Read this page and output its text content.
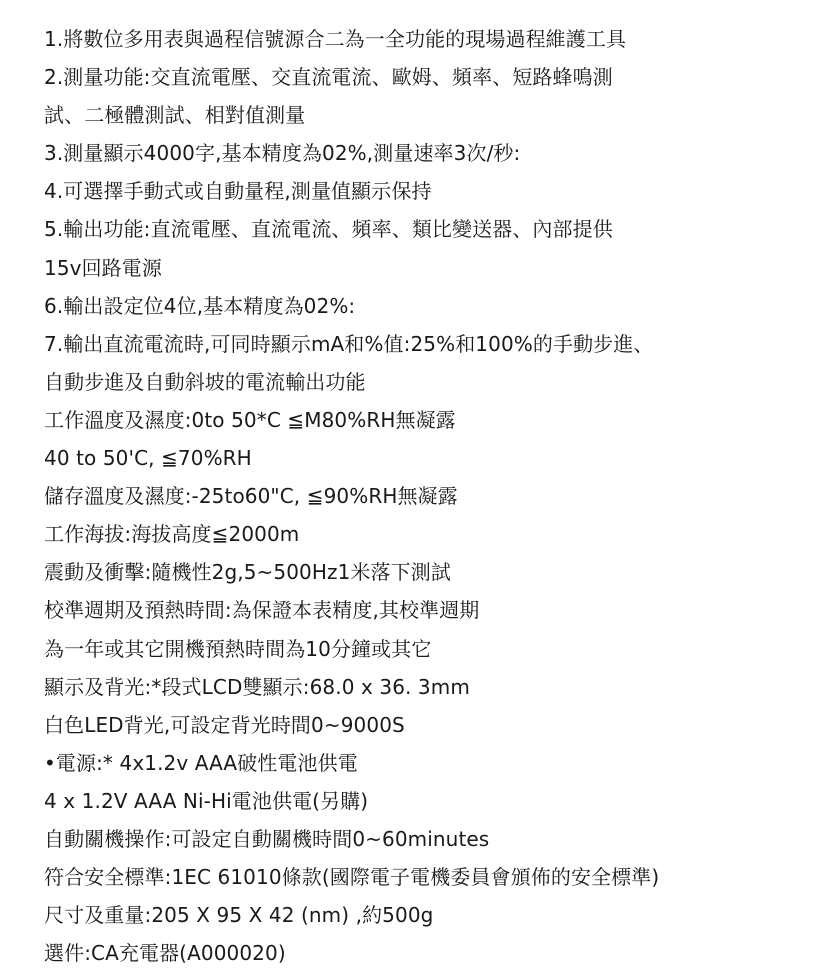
1.將數位多用表與過程信號源合二為一全功能的現場過程維護工具
2.測量功能:交直流電壓、交直流電流、歐姆、頻率、短路蜂鳴測
試、二極體測試、相對值測量
3.測量顯示4000字,基本精度為02%,測量速率3次/秒:
4.可選擇手動式或自動量程,測量值顯示保持
5.輸出功能:直流電壓、直流電流、頻率、類比變送器、內部提供
15v回路電源
6.輸出設定位4位,基本精度為02%:
7.輸出直流電流時,可同時顯示mA和%值:25%和100%的手動步進、
自動步進及自動斜坡的電流輸出功能
工作溫度及濕度:0to 50*C ≦M80%RH無凝露
40 to 50'C, ≦70%RH
儲存溫度及濕度:-25to60"C, ≦90%RH無凝露
工作海拔:海拔高度≦2000m
震動及衝擊:隨機性2g,5~500Hz1米落下測試
校準週期及預熱時間:為保證本表精度,其校準週期
為一年或其它開機預熱時間為10分鐘或其它
顯示及背光:*段式LCD雙顯示:68.0 x 36. 3mm
白色LED背光,可設定背光時間0~9000S
•電源:* 4x1.2v AAA破性電池供電
4 x 1.2V AAA Ni-Hi電池供電(另購)
自動關機操作:可設定自動關機時間0~60minutes
符合安全標準:1EC 61010條款(國際電子電機委員會頒佈的安全標準)
尺寸及重量:205 X 95 X 42 (nm) ,約500g
選件:CA充電器(A000020)
